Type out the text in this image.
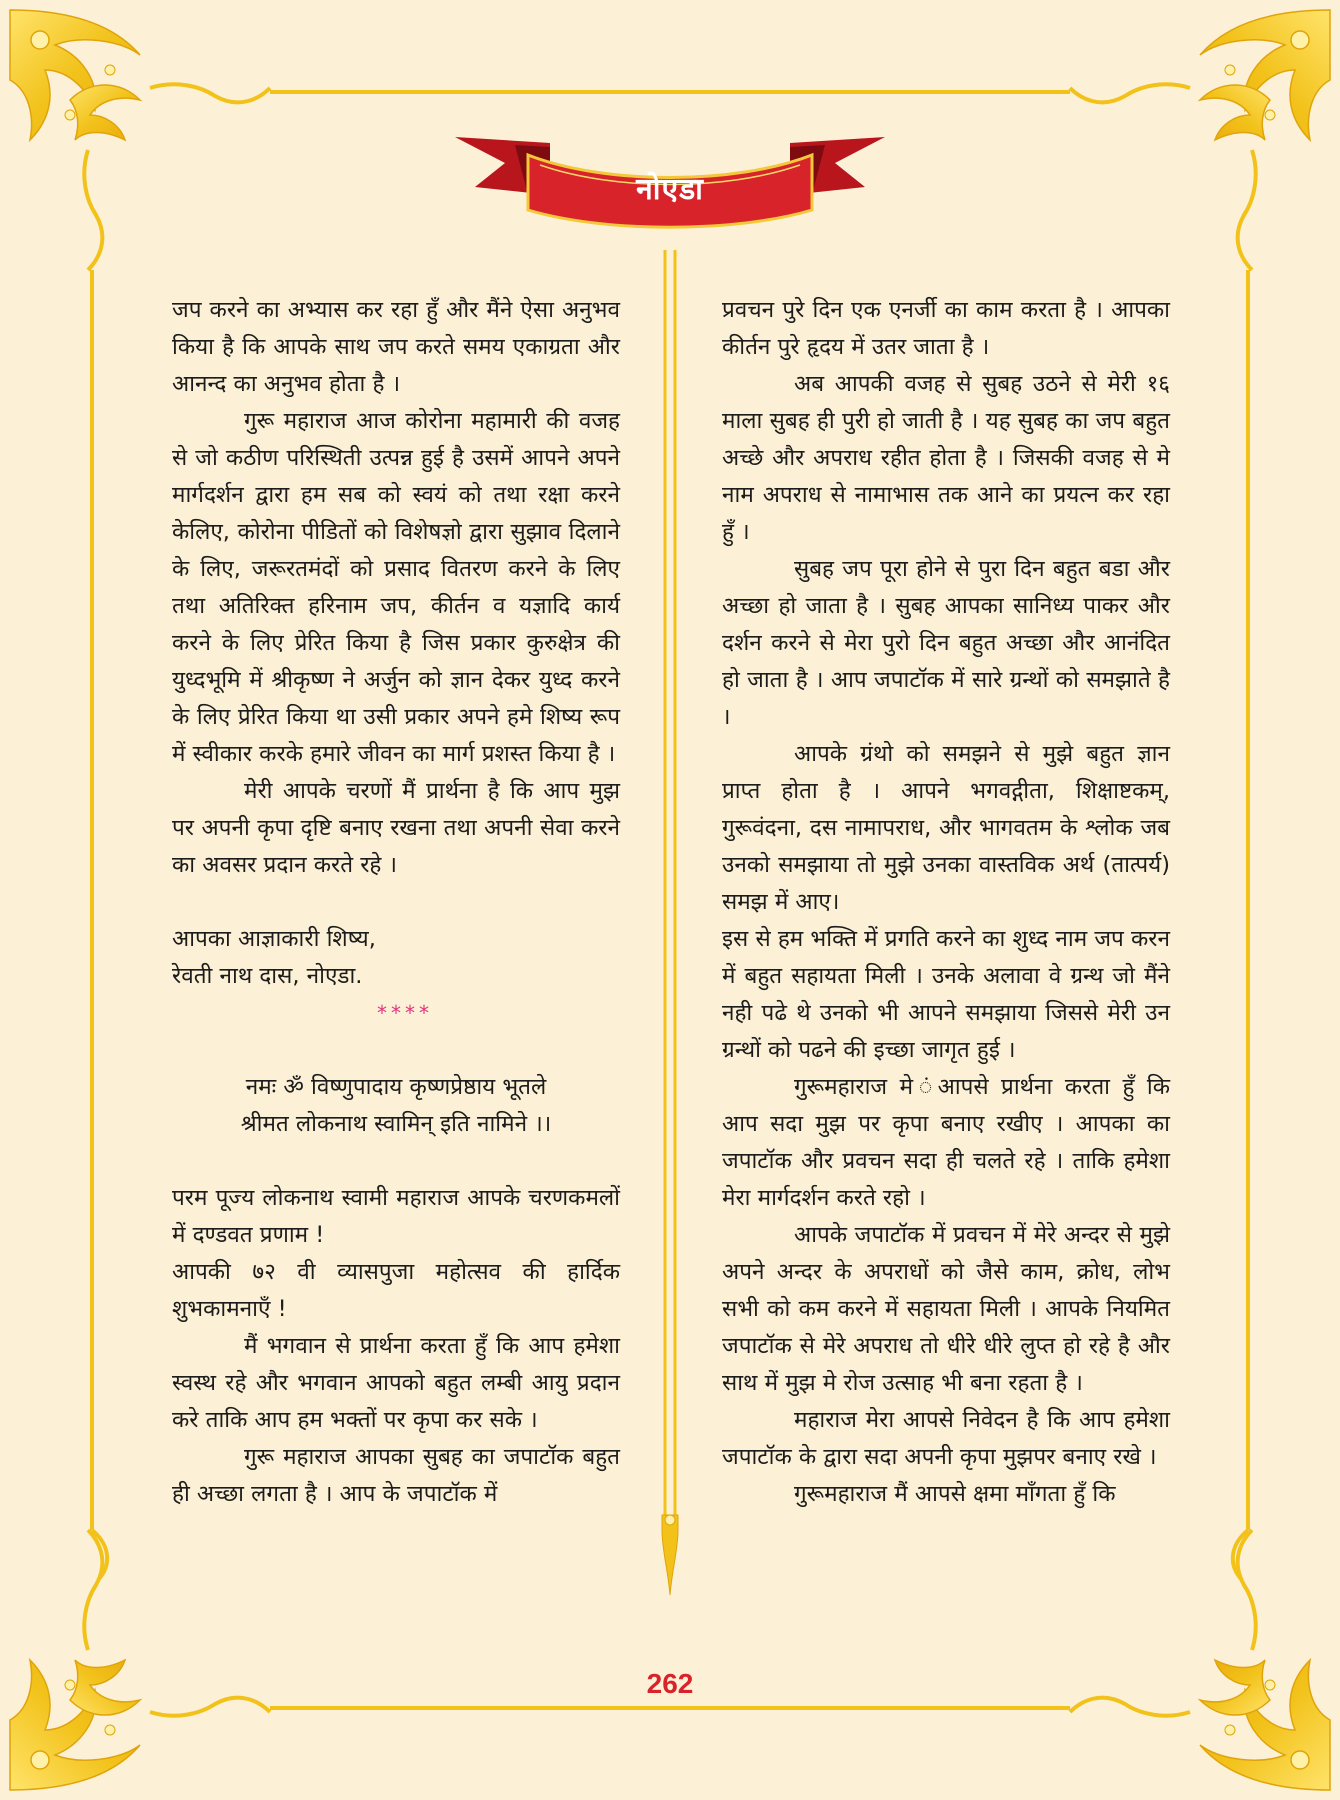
नोएडा

जप करने का अभ्यास कर रहा हुँ और मैंने ऐसा अनुभव किया है कि आपके साथ जप करते समय एकाग्रता और आनन्द का अनुभव होता है ।

गुरू महाराज आज कोरोना महामारी की वजह से जो कठीण परिस्थिती उत्पन्न हुई है उसमें आपने अपने मार्गदर्शन द्वारा हम सब को स्वयं को तथा रक्षा करने केलिए, कोरोना पीडितों को विशेषज्ञो द्वारा सुझाव दिलाने के लिए, जरूरतमंदों को प्रसाद वितरण करने के लिए तथा अतिरिक्त हरिनाम जप, कीर्तन व यज्ञादि कार्य करने के लिए प्रेरित किया है जिस प्रकार कुरुक्षेत्र की युध्दभूमि में श्रीकृष्ण ने अर्जुन को ज्ञान देकर युध्द करने के लिए प्रेरित किया था उसी प्रकार अपने हमे शिष्य रूप में स्वीकार करके हमारे जीवन का मार्ग प्रशस्त किया है ।

मेरी आपके चरणों मैं प्रार्थना है कि आप मुझ पर अपनी कृपा दृष्टि बनाए रखना तथा अपनी सेवा करने का अवसर प्रदान करते रहे ।

आपका आज्ञाकारी शिष्य,

रेवती नाथ दास, नोएडा.

****

नमः ॐ विष्णुपादाय कृष्णप्रेष्ठाय भूतले

श्रीमत लोकनाथ स्वामिन् इति नामिने ।।

परम पूज्य लोकनाथ स्वामी महाराज आपके चरणकमलों में दण्डवत प्रणाम !

आपकी ७२ वी व्यासपुजा महोत्सव की हार्दिक शुभकामनाएँ !

मैं भगवान से प्रार्थना करता हुँ कि आप हमेशा स्वस्थ रहे और भगवान आपको बहुत लम्बी आयु प्रदान करे ताकि आप हम भक्तों पर कृपा कर सके ।

गुरू महाराज आपका सुबह का जपाटॉक बहुत ही अच्छा लगता है । आप के जपाटॉक में

प्रवचन पुरे दिन एक एनर्जी का काम करता है । आपका कीर्तन पुरे हृदय में उतर जाता है ।

अब आपकी वजह से सुबह उठने से मेरी १६ माला सुबह ही पुरी हो जाती है । यह सुबह का जप बहुत अच्छे और अपराध रहीत होता है । जिसकी वजह से मे नाम अपराध से नामाभास तक आने का प्रयत्न कर रहा हुँ ।

सुबह जप पूरा होने से पुरा दिन बहुत बडा और अच्छा हो जाता है । सुबह आपका सानिध्य पाकर और दर्शन करने से मेरा पुरो दिन बहुत अच्छा और आनंदित हो जाता है । आप जपाटॉक में सारे ग्रन्थों को समझाते है ।

आपके ग्रंथो को समझने से मुझे बहुत ज्ञान प्राप्त होता है । आपने भगवद्गीता, शिक्षाष्टकम्, गुरूवंदना, दस नामापराध, और भागवतम के श्लोक जब उनको समझाया तो मुझे उनका वास्तविक अर्थ (तात्पर्य) समझ में आए।

इस से हम भक्ति में प्रगति करने का शुध्द नाम जप करन में बहुत सहायता मिली । उनके अलावा वे ग्रन्थ जो मैंने नही पढे थे उनको भी आपने समझाया जिससे मेरी उन ग्रन्थों को पढने की इच्छा जागृत हुई ।

गुरूमहाराज मे ंआपसे प्रार्थना करता हुँ कि आप सदा मुझ पर कृपा बनाए रखीए । आपका का जपाटॉक और प्रवचन सदा ही चलते रहे । ताकि हमेशा मेरा मार्गदर्शन करते रहो ।

आपके जपाटॉक में प्रवचन में मेरे अन्दर से मुझे अपने अन्दर के अपराधों को जैसे काम, क्रोध, लोभ सभी को कम करने में सहायता मिली । आपके नियमित जपाटॉक से मेरे अपराध तो धीरे धीरे लुप्त हो रहे है और साथ में मुझ मे रोज उत्साह भी बना रहता है ।

महाराज मेरा आपसे निवेदन है कि आप हमेशा जपाटॉक के द्वारा सदा अपनी कृपा मुझपर बनाए रखे ।

गुरूमहाराज मैं आपसे क्षमा माँगता हुँ कि

262
